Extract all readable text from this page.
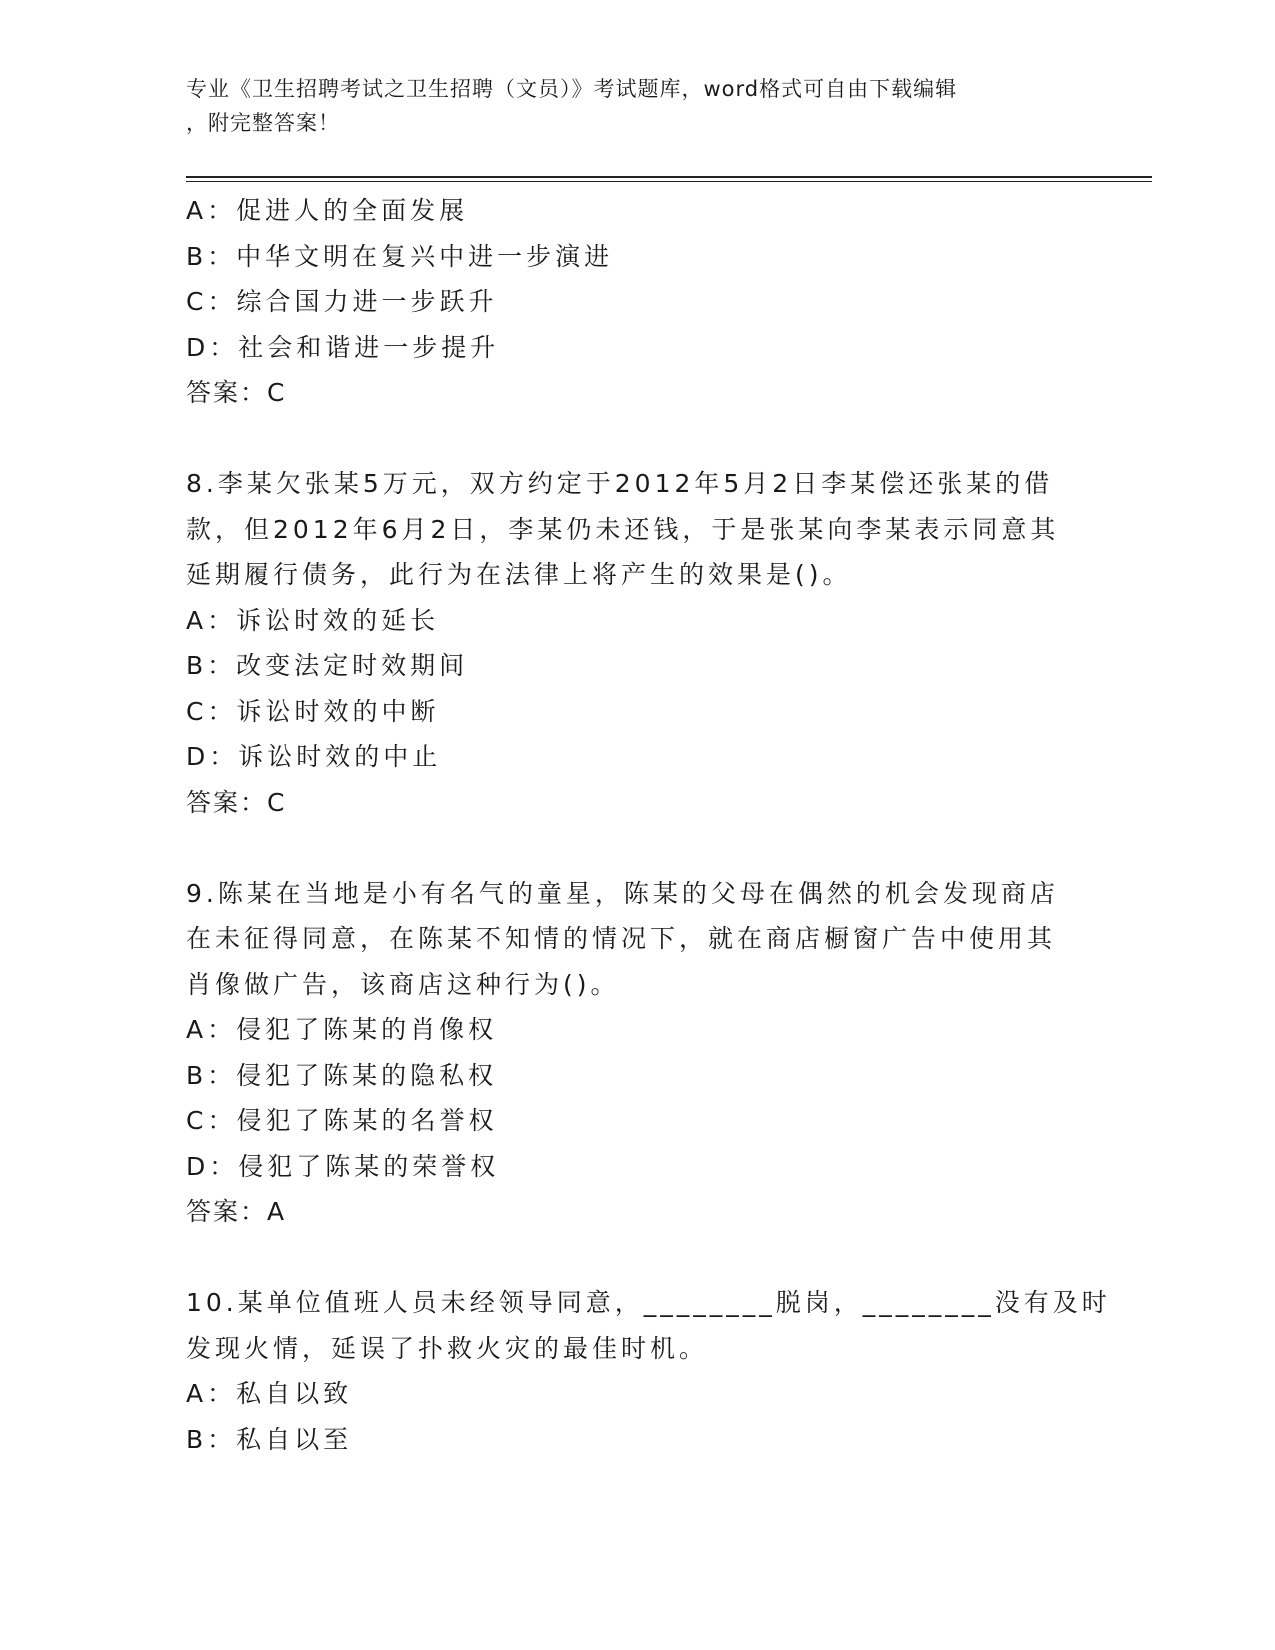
专业《卫生招聘考试之卫生招聘（文员）》考试题库，word格式可自由下载编辑
，附完整答案！
A：促进人的全面发展
B：中华文明在复兴中进一步演进
C：综合国力进一步跃升
D：社会和谐进一步提升
答案：C
8.李某欠张某5万元，双方约定于2012年5月2日李某偿还张某的借
款，但2012年6月2日，李某仍未还钱，于是张某向李某表示同意其
延期履行债务，此行为在法律上将产生的效果是()。
A：诉讼时效的延长
B：改变法定时效期间
C：诉讼时效的中断
D：诉讼时效的中止
答案：C
9.陈某在当地是小有名气的童星，陈某的父母在偶然的机会发现商店
在未征得同意，在陈某不知情的情况下，就在商店橱窗广告中使用其
肖像做广告，该商店这种行为()。
A：侵犯了陈某的肖像权
B：侵犯了陈某的隐私权
C：侵犯了陈某的名誉权
D：侵犯了陈某的荣誉权
答案：A
10.某单位值班人员未经领导同意，________脱岗，________没有及时
发现火情，延误了扑救火灾的最佳时机。
A：私自以致
B：私自以至
